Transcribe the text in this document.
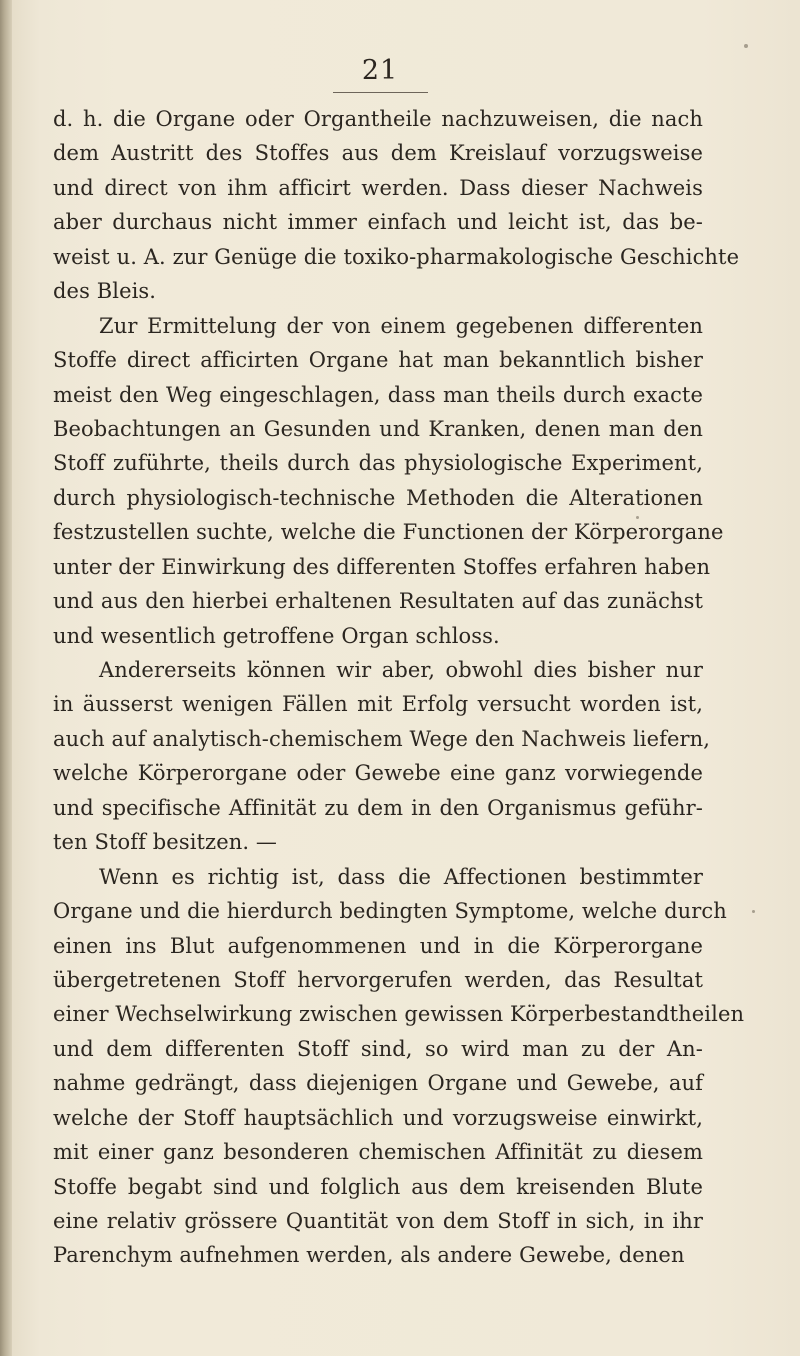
21
d. h. die Organe oder Organtheile nachzuweisen, die nach
dem Austritt des Stoffes aus dem Kreislauf vorzugsweise
und direct von ihm afficirt werden. Dass dieser Nachweis
aber durchaus nicht immer einfach und leicht ist, das be-
weist u. A. zur Genüge die toxiko-pharmakologische Geschichte
des Bleis.
Zur Ermittelung der von einem gegebenen differenten
Stoffe direct afficirten Organe hat man bekanntlich bisher
meist den Weg eingeschlagen, dass man theils durch exacte
Beobachtungen an Gesunden und Kranken, denen man den
Stoff zuführte, theils durch das physiologische Experiment,
durch physiologisch-technische Methoden die Alterationen
festzustellen suchte, welche die Functionen der Körperorgane
unter der Einwirkung des differenten Stoffes erfahren haben
und aus den hierbei erhaltenen Resultaten auf das zunächst
und wesentlich getroffene Organ schloss.
Andererseits können wir aber, obwohl dies bisher nur
in äusserst wenigen Fällen mit Erfolg versucht worden ist,
auch auf analytisch-chemischem Wege den Nachweis liefern,
welche Körperorgane oder Gewebe eine ganz vorwiegende
und specifische Affinität zu dem in den Organismus geführ-
ten Stoff besitzen. —
Wenn es richtig ist, dass die Affectionen bestimmter
Organe und die hierdurch bedingten Symptome, welche durch
einen ins Blut aufgenommenen und in die Körperorgane
übergetretenen Stoff hervorgerufen werden, das Resultat
einer Wechselwirkung zwischen gewissen Körperbestandtheilen
und dem differenten Stoff sind, so wird man zu der An-
nahme gedrängt, dass diejenigen Organe und Gewebe, auf
welche der Stoff hauptsächlich und vorzugsweise einwirkt,
mit einer ganz besonderen chemischen Affinität zu diesem
Stoffe begabt sind und folglich aus dem kreisenden Blute
eine relativ grössere Quantität von dem Stoff in sich, in ihr
Parenchym aufnehmen werden, als andere Gewebe, denen
